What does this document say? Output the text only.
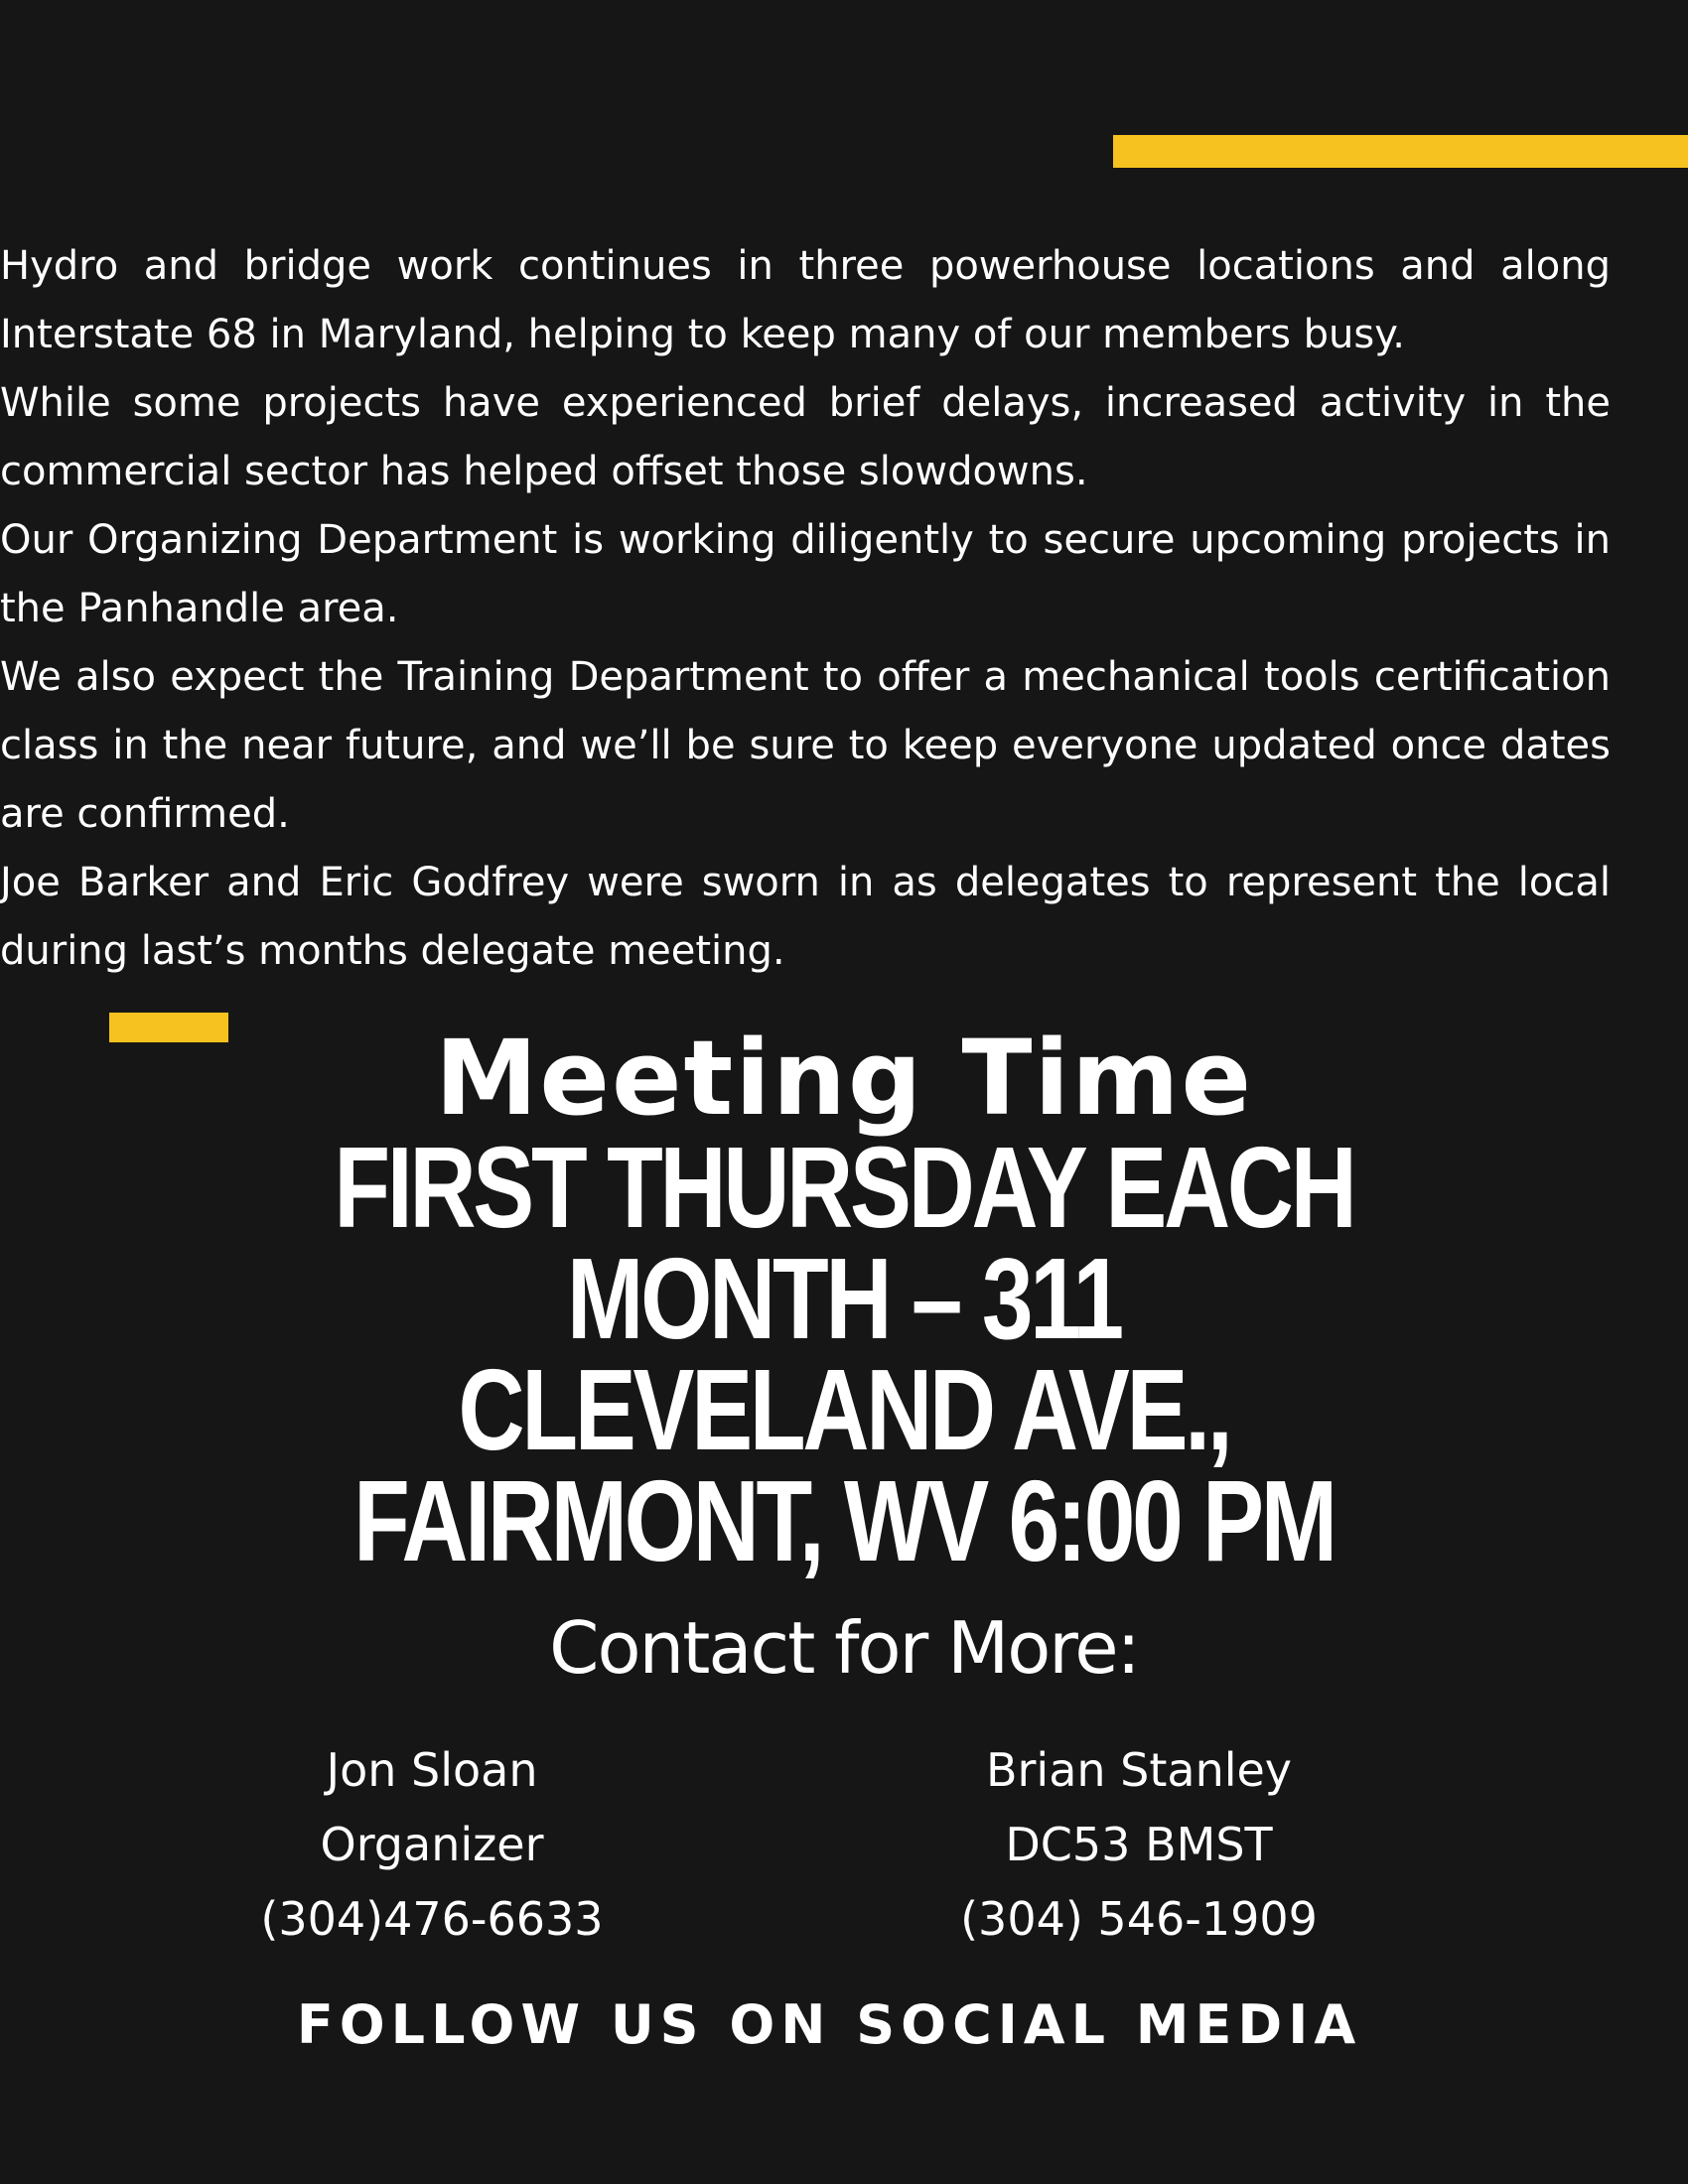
Hydro and bridge work continues in three powerhouse locations and along Interstate 68 in Maryland, helping to keep many of our members busy.

While some projects have experienced brief delays, increased activity in the commercial sector has helped offset those slowdowns.

Our Organizing Department is working diligently to secure upcoming projects in the Panhandle area.

We also expect the Training Department to offer a mechanical tools certification class in the near future, and we’ll be sure to keep everyone updated once dates are confirmed.

Joe Barker and Eric Godfrey were sworn in as delegates to represent the local during last’s months delegate meeting.

Meeting Time
FIRST THURSDAY EACH MONTH – 311 CLEVELAND AVE., FAIRMONT, WV 6:00 PM
Contact for More:
Jon Sloan
Organizer
(304)476-6633
Brian Stanley
DC53 BMST
(304) 546-1909
FOLLOW US ON SOCIAL MEDIA
